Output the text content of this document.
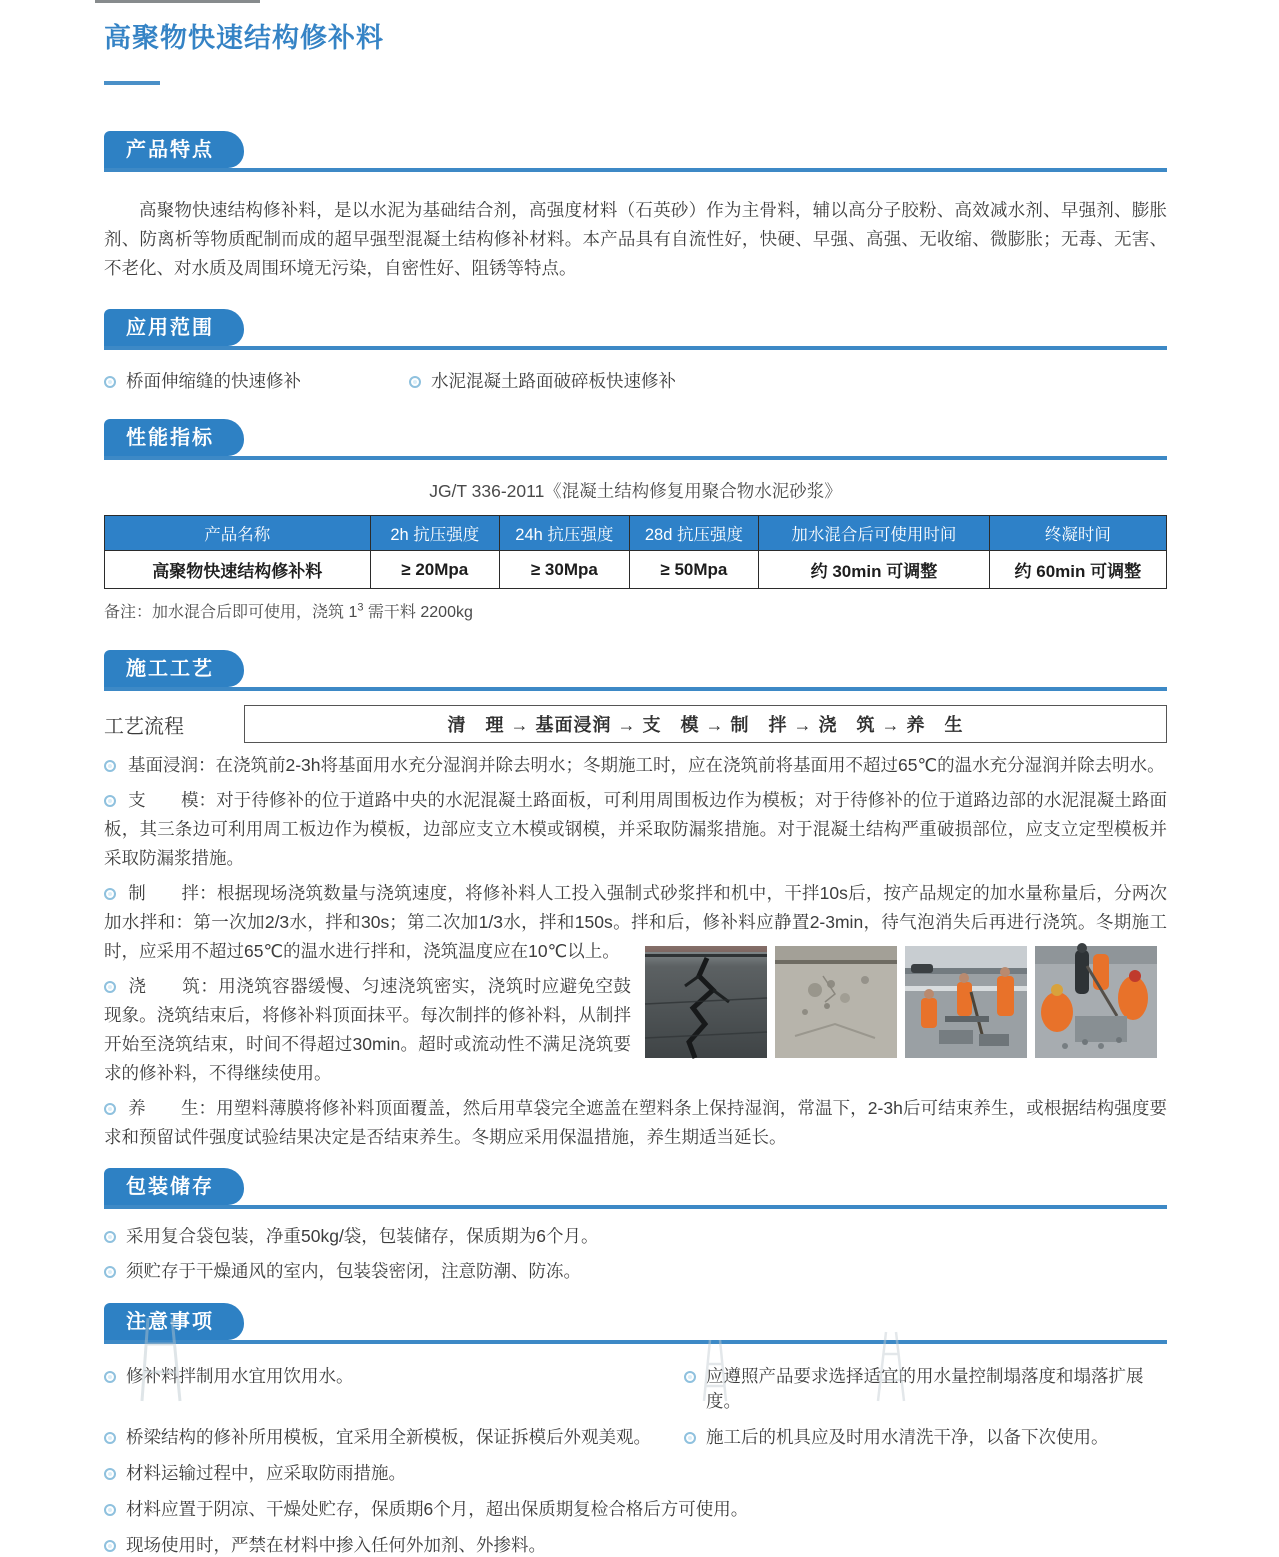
高聚物快速结构修补料
产品特点

高聚物快速结构修补料，是以水泥为基础结合剂，高强度材料（石英砂）作为主骨料，辅以高分子胶粉、高效减水剂、早强剂、膨胀剂、防离析等物质配制而成的超早强型混凝土结构修补材料。本产品具有自流性好，快硬、早强、高强、无收缩、微膨胀；无毒、无害、不老化、对水质及周围环境无污染，自密性好、阻锈等特点。

应用范围
桥面伸缩缝的快速修补	水泥混凝土路面破碎板快速修补
性能指标
JG/T 336-2011《混凝土结构修复用聚合物水泥砂浆》
产品名称	2h 抗压强度	24h 抗压强度	28d 抗压强度	加水混合后可使用时间	终凝时间
高聚物快速结构修补料	≥ 20Mpa	≥ 30Mpa	≥ 50Mpa	约 30min 可调整	约 60min 可调整
备注：加水混合后即可使用，浇筑 $1^3$ 需干料 2200kg
施工工艺
工艺流程	清　理 → 基面浸润 → 支　模 → 制　拌 → 浇　筑 → 养　生

基面浸润：在浇筑前2-3h将基面用水充分湿润并除去明水；冬期施工时，应在浇筑前将基面用不超过65℃的温水充分湿润并除去明水。

支　　模：对于待修补的位于道路中央的水泥混凝土路面板，可利用周围板边作为模板；对于待修补的位于道路边部的水泥混凝土路面板，其三条边可利用周工板边作为模板，边部应支立木模或钢模，并采取防漏浆措施。对于混凝土结构严重破损部位，应支立定型模板并采取防漏浆措施。

制　　拌：根据现场浇筑数量与浇筑速度，将修补料人工投入强制式砂浆拌和机中，干拌10s后，按产品规定的加水量称量后，分两次加水拌和：第一次加2/3水，拌和30s；第二次加1/3水，拌和150s。拌和后，修补料应静置2-3min，待气泡消失后再进行浇筑。冬期施工时，应采用不超过65℃的温水进行拌和，浇筑温度应在10℃以上。

浇　　筑：用浇筑容器缓慢、匀速浇筑密实，浇筑时应避免空鼓现象。浇筑结束后，将修补料顶面抹平。每次制拌的修补料，从制拌开始至浇筑结束，时间不得超过30min。超时或流动性不满足浇筑要求的修补料，不得继续使用。

养　　生：用塑料薄膜将修补料顶面覆盖，然后用草袋完全遮盖在塑料条上保持湿润，常温下，2-3h后可结束养生，或根据结构强度要求和预留试件强度试验结果决定是否结束养生。冬期应采用保温措施，养生期适当延长。

包装储存
采用复合袋包装，净重50kg/袋，包装储存，保质期为6个月。
须贮存于干燥通风的室内，包装袋密闭，注意防潮、防冻。
注意事项
修补料拌制用水宜用饮用水。	应遵照产品要求选择适宜的用水量控制塌落度和塌落扩展度。
桥梁结构的修补所用模板，宜采用全新模板，保证拆模后外观美观。	施工后的机具应及时用水清洗干净，以备下次使用。
材料运输过程中，应采取防雨措施。
材料应置于阴凉、干燥处贮存，保质期6个月，超出保质期复检合格后方可使用。
现场使用时，严禁在材料中掺入任何外加剂、外掺料。
